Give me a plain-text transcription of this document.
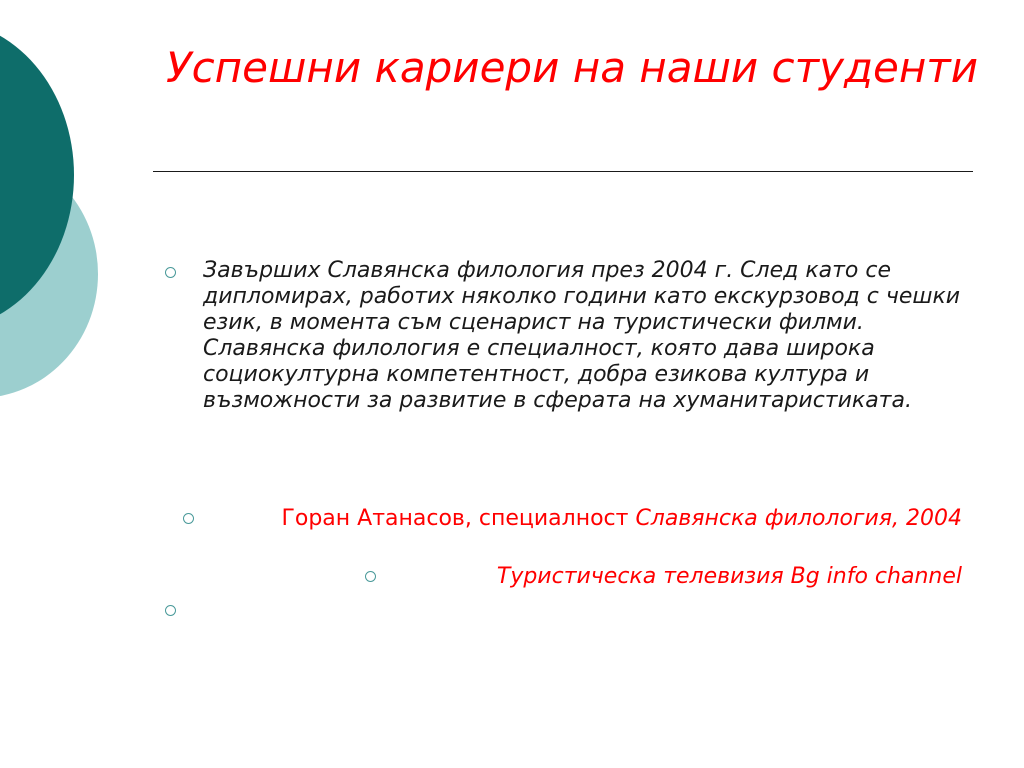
Успешни кариери на наши студенти
Завърших Славянска филология през 2004 г. След като се дипломирах, работих няколко години като екскурзовод с чешки език, в момента съм сценарист на туристически филми. Славянска филология е специалност, която дава широка социокултурна компетентност, добра езикова култура и възможности за развитие в сферата на хуманитаристиката.
Горан Атанасов, специалност Славянска филология, 2004
Туристическа телевизия Bg info channel
